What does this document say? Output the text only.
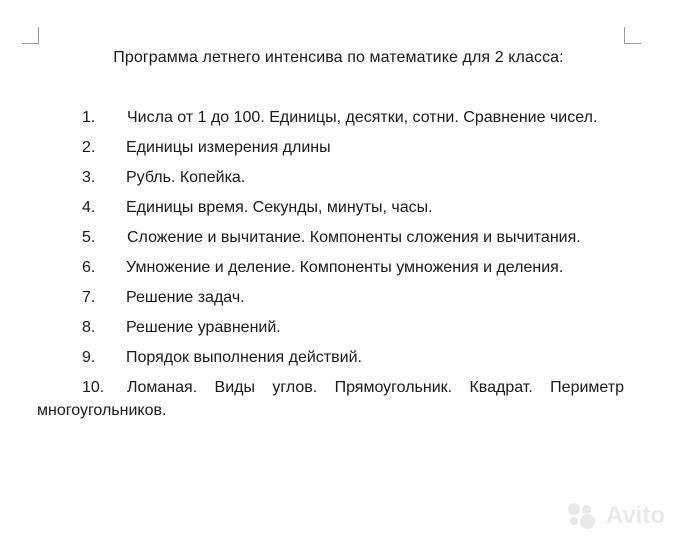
Программа летнего интенсива по математике для 2 класса:
1. Числа от 1 до 100. Единицы, десятки, сотни. Сравнение чисел.
2. Единицы измерения длины
3. Рубль. Копейка.
4. Единицы время. Секунды, минуты, часы.
5. Сложение и вычитание. Компоненты сложения и вычитания.
6. Умножение и деление. Компоненты умножения и деления.
7. Решение задач.
8. Решение уравнений.
9. Порядок выполнения действий.
10. Ломаная. Виды углов. Прямоугольник. Квадрат. Периметр многоугольников.
Avito
